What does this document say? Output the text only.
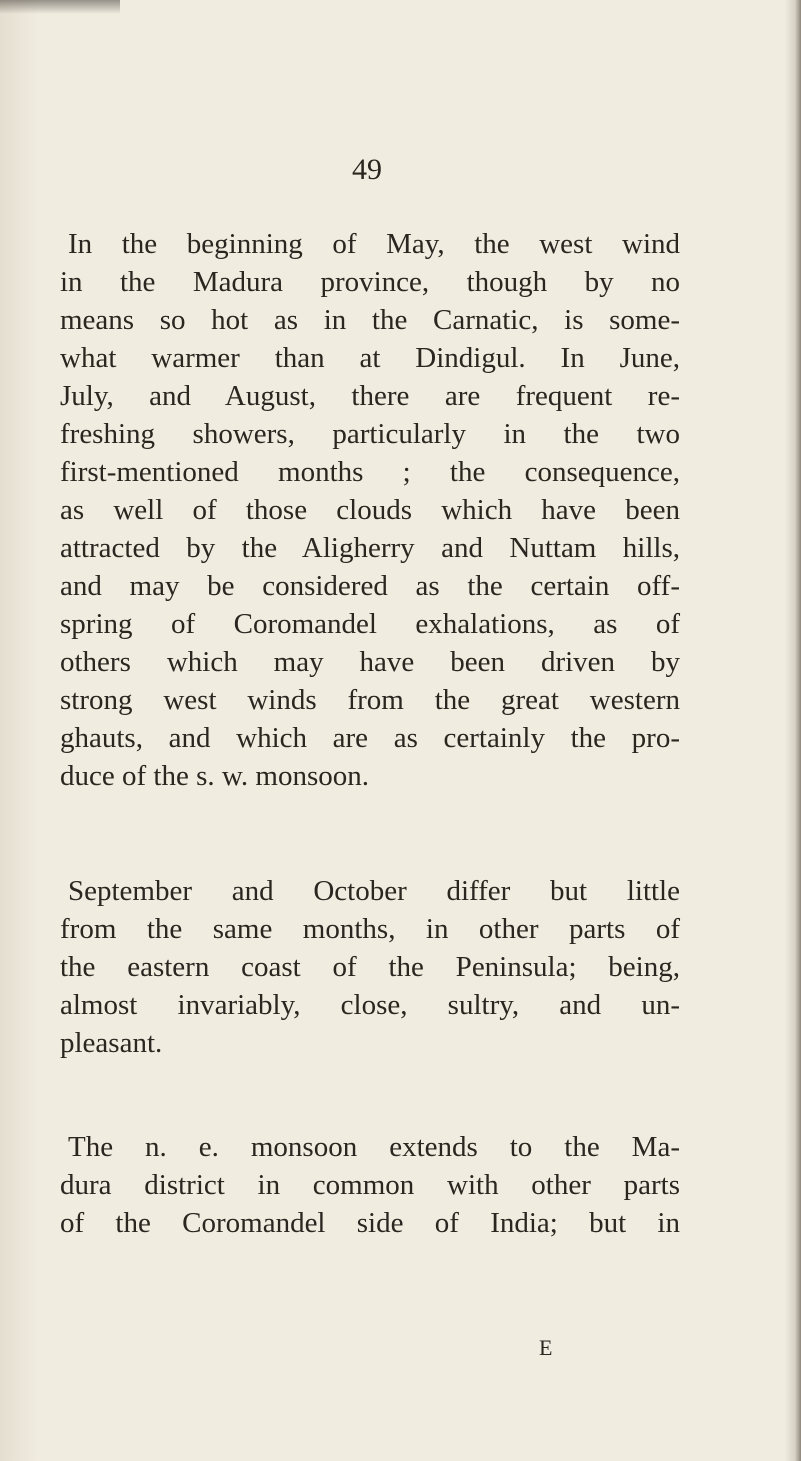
49
In the beginning of May, the west wind
in the Madura province, though by no
means so hot as in the Carnatic, is some-
what warmer than at Dindigul. In June,
July, and August, there are frequent re-
freshing showers, particularly in the two
first-mentioned months ; the consequence,
as well of those clouds which have been
attracted by the Aligherry and Nuttam hills,
and may be considered as the certain off-
spring of Coromandel exhalations, as of
others which may have been driven by
strong west winds from the great western
ghauts, and which are as certainly the pro-
duce of the s. w. monsoon.
September and October differ but little
from the same months, in other parts of
the eastern coast of the Peninsula; being,
almost invariably, close, sultry, and un-
pleasant.
The n. e. monsoon extends to the Ma-
dura district in common with other parts
of the Coromandel side of India; but in
E
